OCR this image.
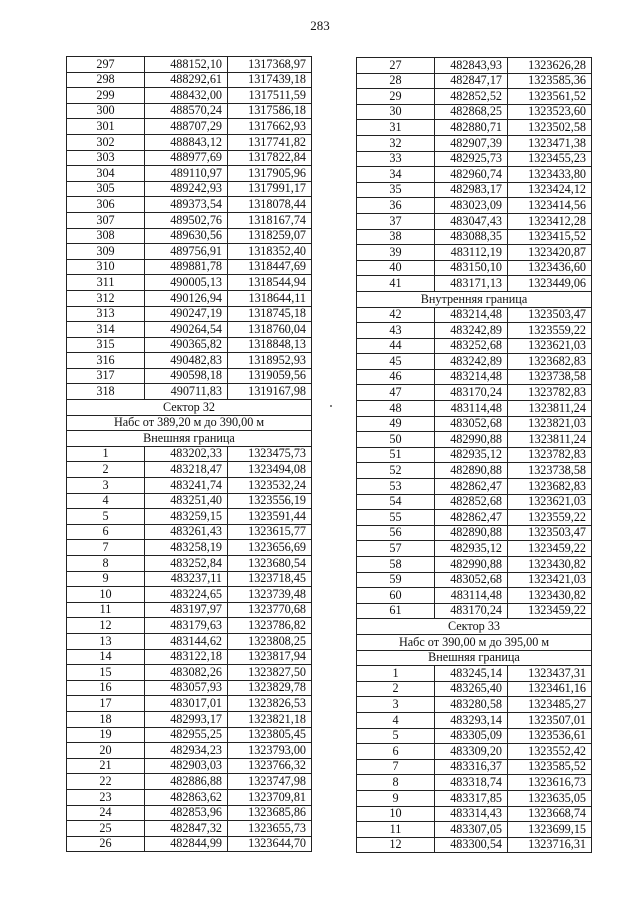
283
297	488152,10	1317368,97
298	488292,61	1317439,18
299	488432,00	1317511,59
300	488570,24	1317586,18
301	488707,29	1317662,93
302	488843,12	1317741,82
303	488977,69	1317822,84
304	489110,97	1317905,96
305	489242,93	1317991,17
306	489373,54	1318078,44
307	489502,76	1318167,74
308	489630,56	1318259,07
309	489756,91	1318352,40
310	489881,78	1318447,69
311	490005,13	1318544,94
312	490126,94	1318644,11
313	490247,19	1318745,18
314	490264,54	1318760,04
315	490365,82	1318848,13
316	490482,83	1318952,93
317	490598,18	1319059,56
318	490711,83	1319167,98
Сектор 32		
Набс от 389,20 м до 390,00 м		
Внешняя граница		
1	483202,33	1323475,73
2	483218,47	1323494,08
3	483241,74	1323532,24
4	483251,40	1323556,19
5	483259,15	1323591,44
6	483261,43	1323615,77
7	483258,19	1323656,69
8	483252,84	1323680,54
9	483237,11	1323718,45
10	483224,65	1323739,48
11	483197,97	1323770,68
12	483179,63	1323786,82
13	483144,62	1323808,25
14	483122,18	1323817,94
15	483082,26	1323827,50
16	483057,93	1323829,78
17	483017,01	1323826,53
18	482993,17	1323821,18
19	482955,25	1323805,45
20	482934,23	1323793,00
21	482903,03	1323766,32
22	482886,88	1323747,98
23	482863,62	1323709,81
24	482853,96	1323685,86
25	482847,32	1323655,73
26	482844,99	1323644,70
27	482843,93	1323626,28
28	482847,17	1323585,36
29	482852,52	1323561,52
30	482868,25	1323523,60
31	482880,71	1323502,58
32	482907,39	1323471,38
33	482925,73	1323455,23
34	482960,74	1323433,80
35	482983,17	1323424,12
36	483023,09	1323414,56
37	483047,43	1323412,28
38	483088,35	1323415,52
39	483112,19	1323420,87
40	483150,10	1323436,60
41	483171,13	1323449,06
Внутренняя граница		
42	483214,48	1323503,47
43	483242,89	1323559,22
44	483252,68	1323621,03
45	483242,89	1323682,83
46	483214,48	1323738,58
47	483170,24	1323782,83
48	483114,48	1323811,24
49	483052,68	1323821,03
50	482990,88	1323811,24
51	482935,12	1323782,83
52	482890,88	1323738,58
53	482862,47	1323682,83
54	482852,68	1323621,03
55	482862,47	1323559,22
56	482890,88	1323503,47
57	482935,12	1323459,22
58	482990,88	1323430,82
59	483052,68	1323421,03
60	483114,48	1323430,82
61	483170,24	1323459,22
Сектор 33		
Набс от 390,00 м до 395,00 м		
Внешняя граница		
1	483245,14	1323437,31
2	483265,40	1323461,16
3	483280,58	1323485,27
4	483293,14	1323507,01
5	483305,09	1323536,61
6	483309,20	1323552,42
7	483316,37	1323585,52
8	483318,74	1323616,73
9	483317,85	1323635,05
10	483314,43	1323668,74
11	483307,05	1323699,15
12	483300,54	1323716,31
